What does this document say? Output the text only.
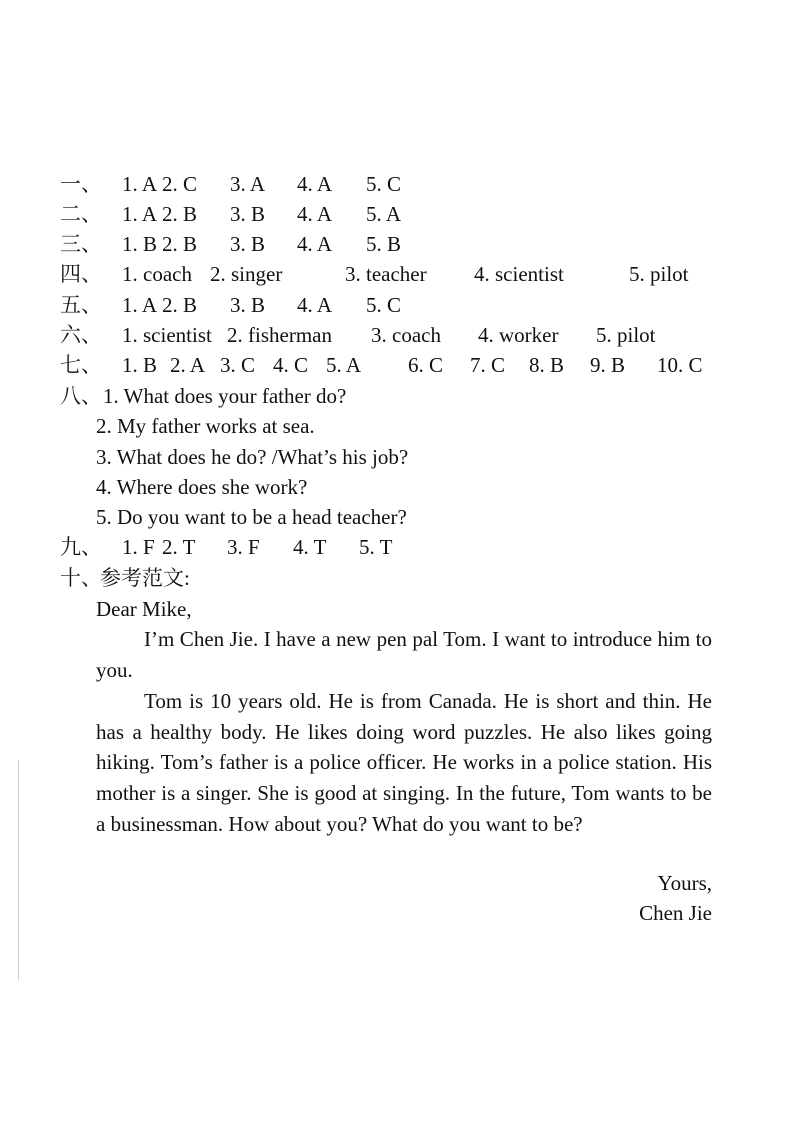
一、 1. A 2. C 3. A 4. A 5. C
二、 1. A 2. B 3. B 4. A 5. A
三、 1. B 2. B 3. B 4. A 5. B
四、 1. coach 2. singer	3. teacher 4. scientist	5. pilot
五、 1. A 2. B 3. B 4. A 5. C
六、 1. scientist 2. fisherman 3. coach 4. worker 5. pilot
七、 1. B 2. A 3. C 4. C 5. A 6. C 7. C 8. B 9. B 10. C
八、 1. What does your father do?
2. My father works at sea.
3. What does he do? /What’s his job?
4. Where does she work?
5. Do you want to be a head teacher?
九、 1. F 2. T 3. F 4. T 5. T
十、
参考范文:
Dear Mike,
I’m Chen Jie. I have a new pen pal Tom. I want to introduce him to you.
Tom is 10 years old. He is from Canada. He is short and thin. He has a healthy body. He likes doing word puzzles. He also likes going hiking. Tom’s father is a police officer. He works in a police station. His mother is a singer. She is good at singing. In the future, Tom wants to be a businessman. How about you? What do you want to be?
Yours,
Chen Jie
